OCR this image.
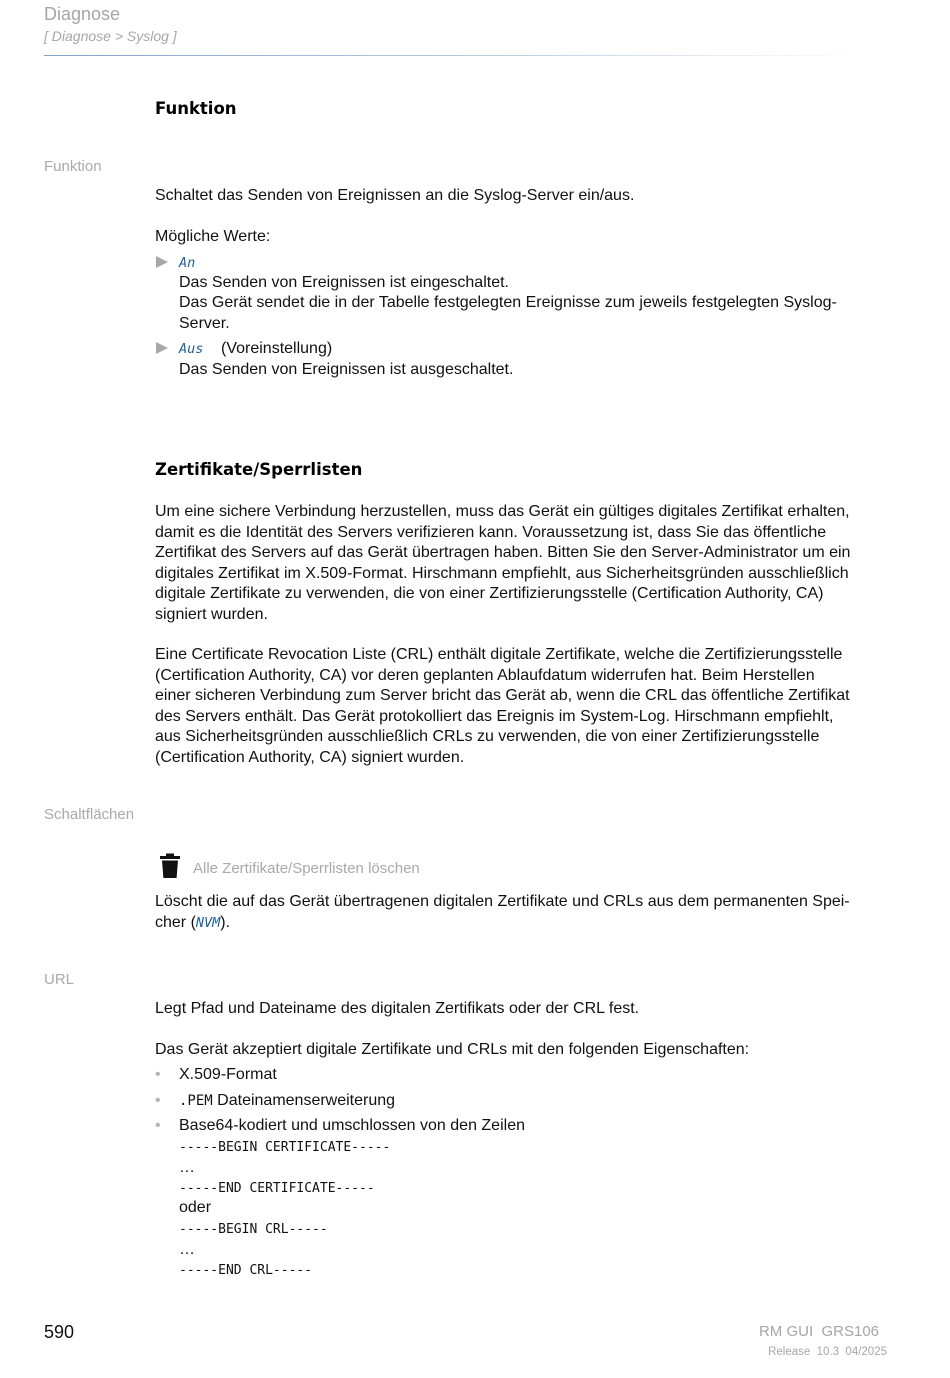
Diagnose
[ Diagnose > Syslog ]
Funktion
Funktion
Schaltet das Senden von Ereignissen an die Syslog-Server ein/aus.
Mögliche Werte:
An
Das Senden von Ereignissen ist eingeschaltet.
Das Gerät sendet die in der Tabelle festgelegten Ereignisse zum jeweils festgelegten Syslog-
Server.
Aus (Voreinstellung)
Das Senden von Ereignissen ist ausgeschaltet.
Zertifikate/Sperrlisten
Um eine sichere Verbindung herzustellen, muss das Gerät ein gültiges digitales Zertifikat erhalten,
damit es die Identität des Servers verifizieren kann. Voraussetzung ist, dass Sie das öffentliche
Zertifikat des Servers auf das Gerät übertragen haben. Bitten Sie den Server-Administrator um ein
digitales Zertifikat im X.509-Format. Hirschmann empfiehlt, aus Sicherheitsgründen ausschließlich
digitale Zertifikate zu verwenden, die von einer Zertifizierungsstelle (Certification Authority, CA)
signiert wurden.
Eine Certificate Revocation Liste (CRL) enthält digitale Zertifikate, welche die Zertifizierungsstelle
(Certification Authority, CA) vor deren geplanten Ablaufdatum widerrufen hat. Beim Herstellen
einer sicheren Verbindung zum Server bricht das Gerät ab, wenn die CRL das öffentliche Zertifikat
des Servers enthält. Das Gerät protokolliert das Ereignis im System-Log. Hirschmann empfiehlt,
aus Sicherheitsgründen ausschließlich CRLs zu verwenden, die von einer Zertifizierungsstelle
(Certification Authority, CA) signiert wurden.
Schaltflächen
Alle Zertifikate/Sperrlisten löschen
Löscht die auf das Gerät übertragenen digitalen Zertifikate und CRLs aus dem permanenten Spei-
cher (NVM).
URL
Legt Pfad und Dateiname des digitalen Zertifikats oder der CRL fest.
Das Gerät akzeptiert digitale Zertifikate und CRLs mit den folgenden Eigenschaften:
• X.509-Format
• .PEM Dateinamenserweiterung
• Base64-kodiert und umschlossen von den Zeilen
-----BEGIN CERTIFICATE-----
…
-----END CERTIFICATE-----
oder
-----BEGIN CRL-----
…
-----END CRL-----
590	RM GUI  GRS106
Release  10.3  04/2025
